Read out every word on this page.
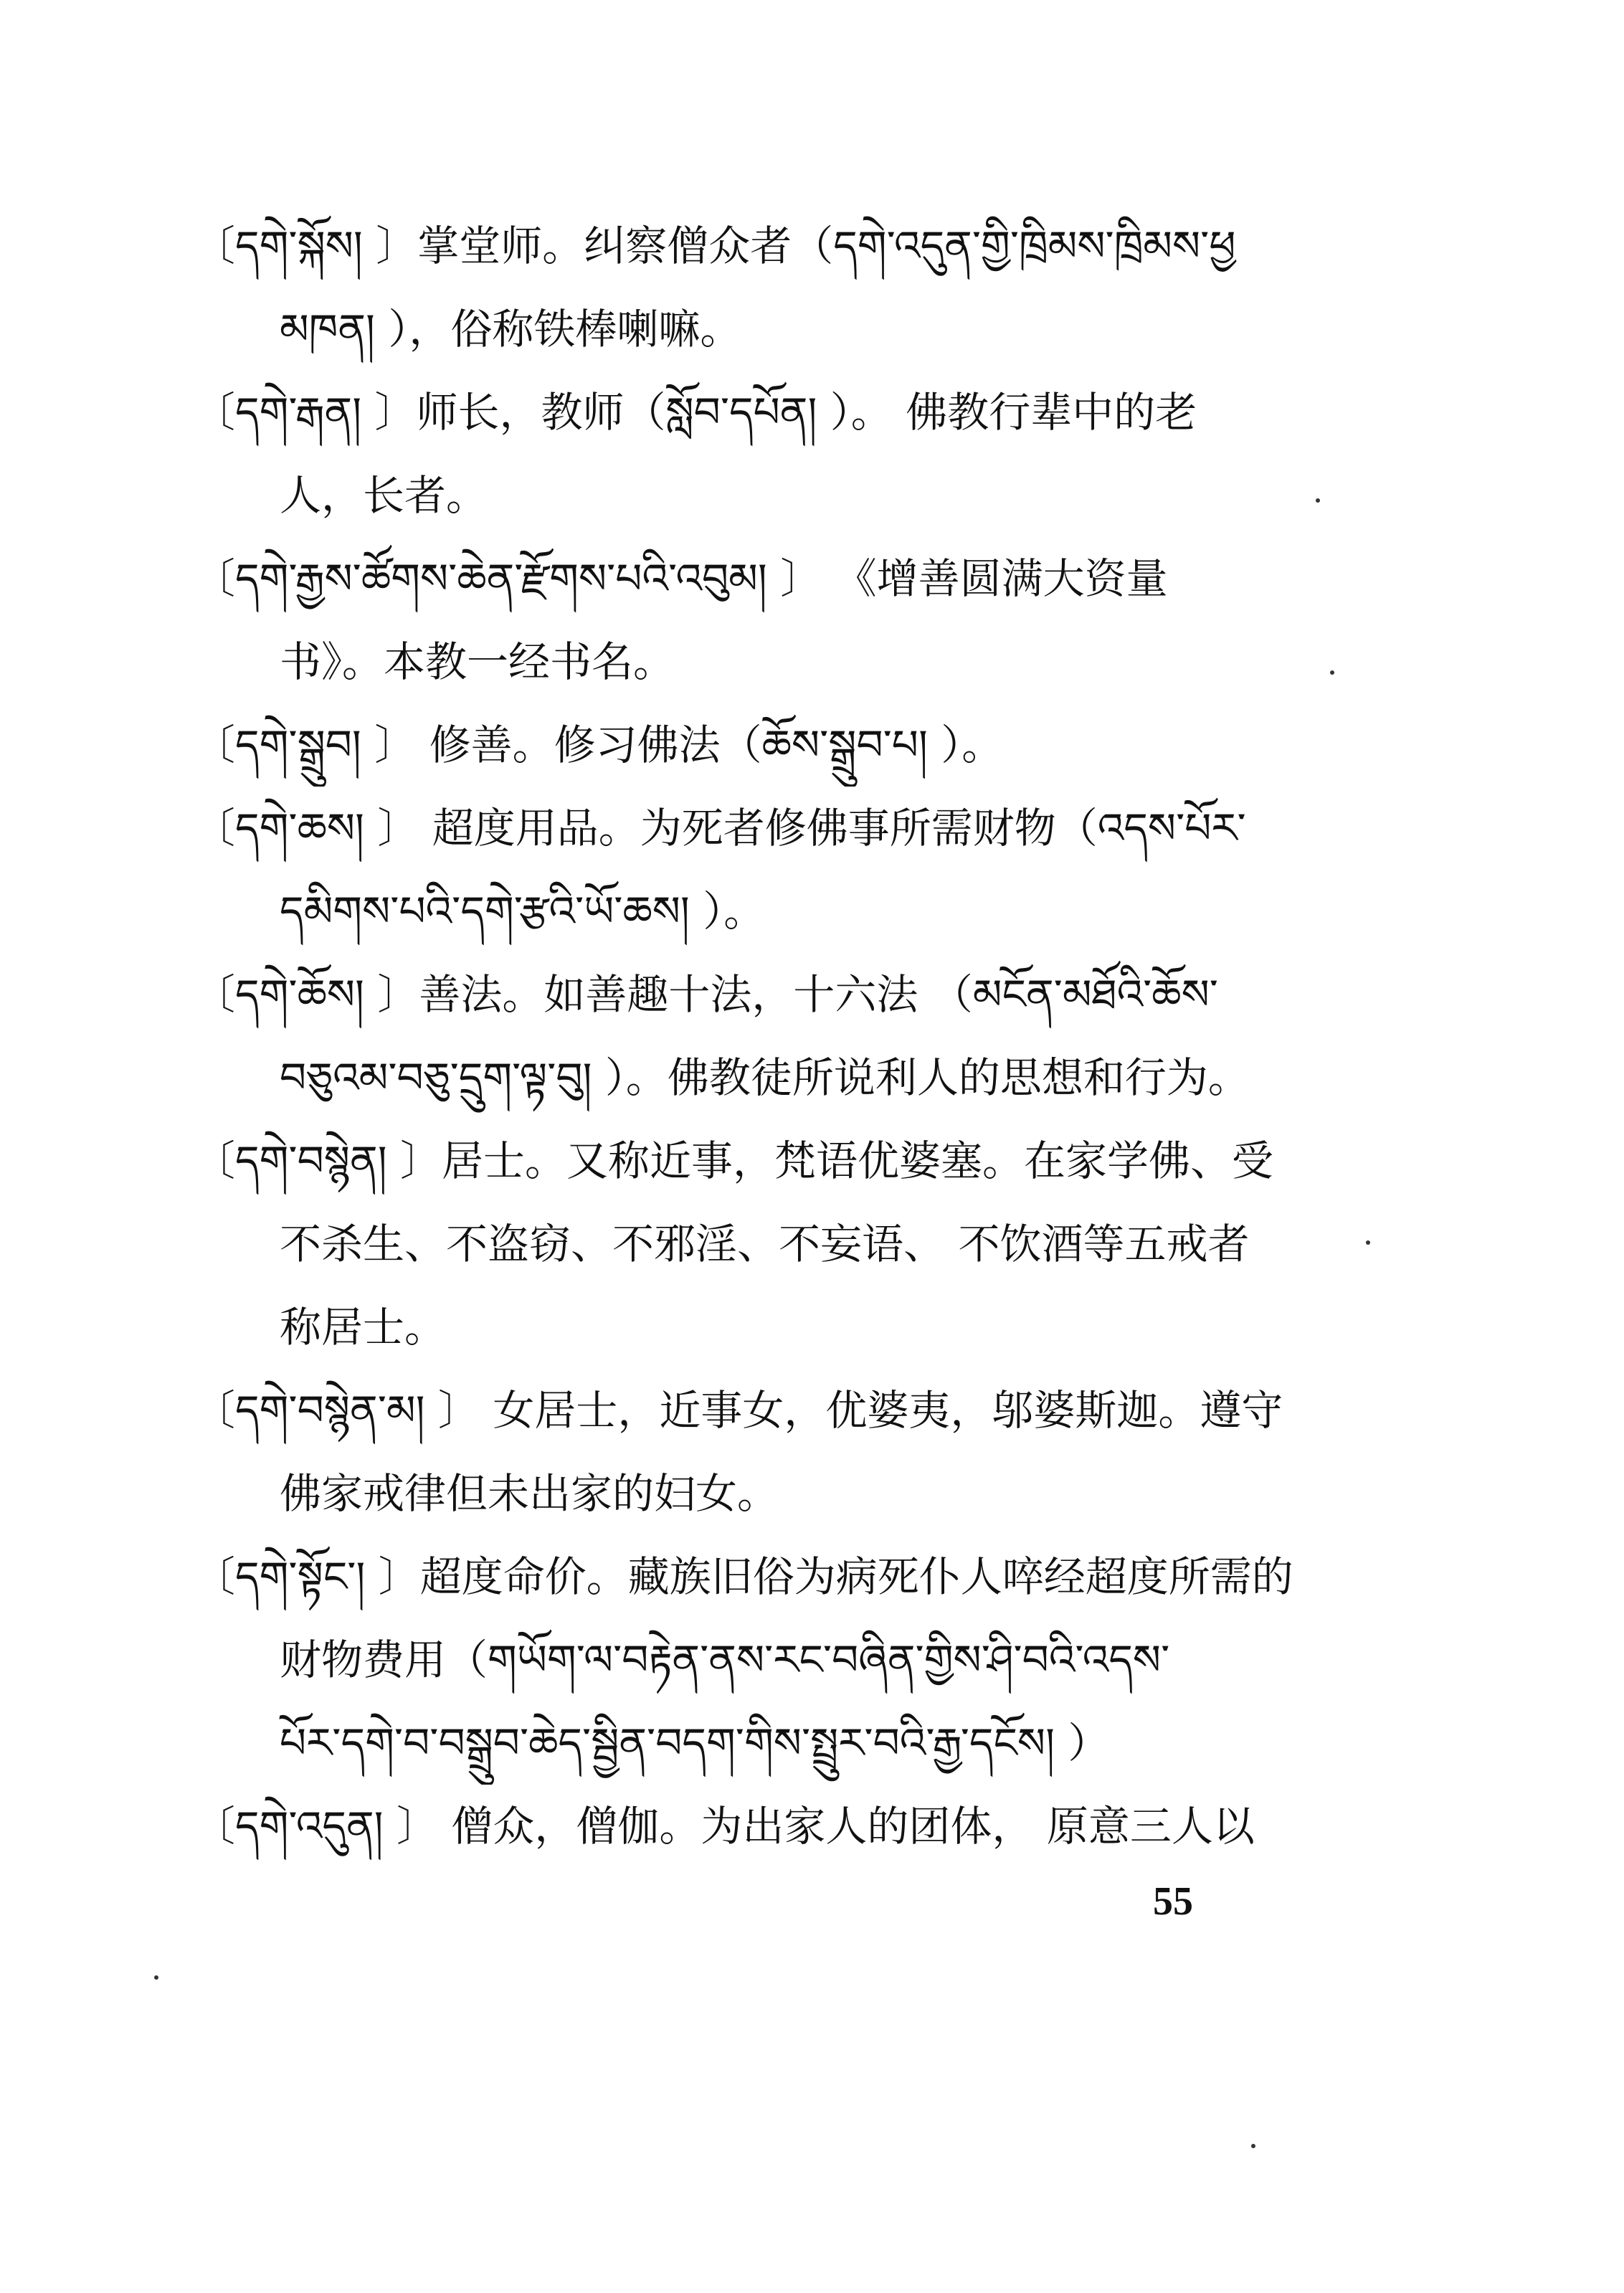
〔དགེ་སྐོས། 〕掌堂师。纠察僧众者（དགེ་འདུན་གྱི་ཁྲིམས་ཁྲིམས་ཕྱ
མཁན། ），俗称铁棒喇嘛。
〔དགེ་རྒན། 〕师长，教师（སློབ་དཔོན། ）。 佛教行辈中的老
人，长者。
〔དགེ་རྒྱས་ཚོགས་ཆེན་རྫོགས་པའི་འབུམ། 〕 《增善圆满大资量
书》。本教一经书名。
〔དགེ་སྒྲུབ། 〕 修善。修习佛法（ཆོས་སྒྲུབ་པ། ）。
〔དགེ་ཆས། 〕 超度用品。为死者修佛事所需财物（འདས་པོར་
དམིགས་པའི་དགེ་རྩའི་ཡོ་ཆས། ）。
〔དགེ་ཆོས། 〕善法。如善趣十法，十六法 （མངོན་མཐོའི་ཆོས་
བཅུའམ་བཅུ་དྲུག་ལྟ་བུ། ）。佛教徒所说利人的思想和行为。
〔དགེ་བསྙེན། 〕居士。又称近事，梵语优婆塞。在家学佛、受
不杀生、不盗窃、不邪淫、不妄语、 不饮酒等五戒者
称居士。
〔དགེ་བསྙེན་མ། 〕 女居士，近事女，优婆夷，邬婆斯迦。遵守
佛家戒律但未出家的妇女。
〔དགེ་སྟོང་། 〕超度命价。藏族旧俗为病死仆人啐经超度所需的
财物费用（གཡོག་ལ་བརྟེན་ནས་རང་བཞིན་གྱིས་ཤི་བའི་འདས་
པོར་དགེ་བ་བསྒྲུབ་ཆེད་སྦྱིན་བདག་གིས་སྤྲུར་བའི་རྒྱ་དངོས། ）
〔དགེ་འདུན། 〕 僧众，僧伽。为出家人的团体， 原意三人以
55
